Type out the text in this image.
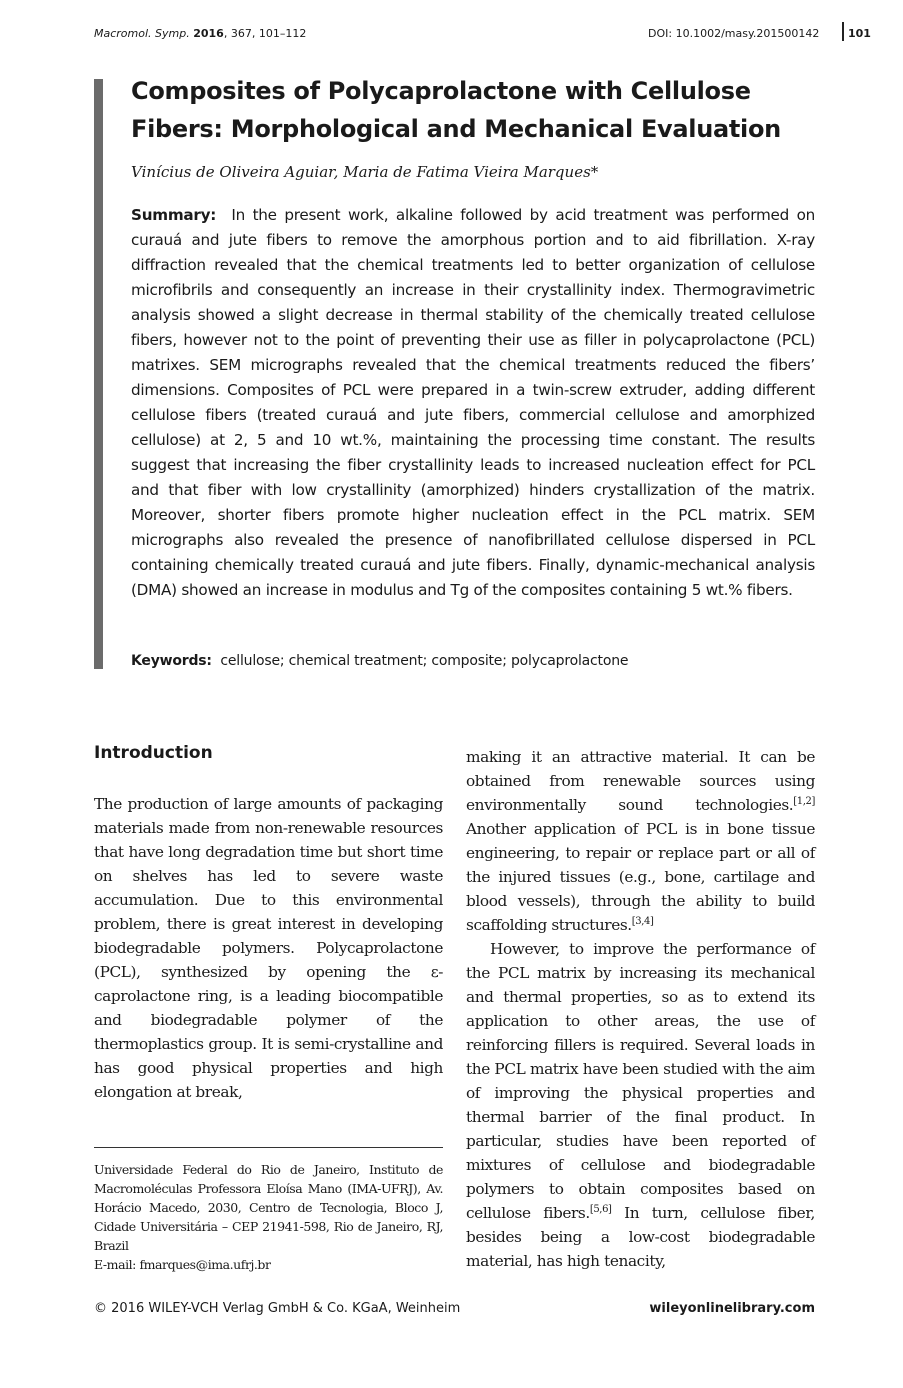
Macromol. Symp. 2016, 367, 101–112	DOI: 10.1002/masy.201500142	101
Composites of Polycaprolactone with Cellulose
Fibers: Morphological and Mechanical Evaluation
Vinícius de Oliveira Aguiar, Maria de Fatima Vieira Marques*
Summary: In the present work, alkaline followed by acid treatment was performed on curauá and jute fibers to remove the amorphous portion and to aid fibrillation. X-ray diffraction revealed that the chemical treatments led to better organization of cellulose microfibrils and consequently an increase in their crystallinity index. Thermogravimetric analysis showed a slight decrease in thermal stability of the chemically treated cellulose fibers, however not to the point of preventing their use as filler in polycaprolactone (PCL) matrixes. SEM micrographs revealed that the chemical treatments reduced the fibers’ dimensions. Composites of PCL were prepared in a twin-screw extruder, adding different cellulose fibers (treated curauá and jute fibers, commercial cellulose and amorphized cellulose) at 2, 5 and 10 wt.%, maintaining the processing time constant. The results suggest that increasing the fiber crystallinity leads to increased nucleation effect for PCL and that fiber with low crystallinity (amorphized) hinders crystallization of the matrix. Moreover, shorter fibers promote higher nucleation effect in the PCL matrix. SEM micrographs also revealed the presence of nanofibrillated cellulose dispersed in PCL containing chemically treated curauá and jute fibers. Finally, dynamic-mechanical analysis (DMA) showed an increase in modulus and Tg of the composites containing 5 wt.% fibers.
Keywords: cellulose; chemical treatment; composite; polycaprolactone
Introduction

The production of large amounts of packaging materials made from non-renewable resources that have long degradation time but short time on shelves has led to severe waste accumulation. Due to this environmental problem, there is great interest in developing biodegradable polymers. Polycaprolactone (PCL), synthesized by opening the ε-caprolactone ring, is a leading biocompatible and biodegradable polymer of the thermoplastics group. It is semi-crystalline and has good physical properties and high elongation at break,

making it an attractive material. It can be obtained from renewable sources using environmentally sound technologies.[1,2] Another application of PCL is in bone tissue engineering, to repair or replace part or all of the injured tissues (e.g., bone, cartilage and blood vessels), through the ability to build scaffolding structures.[3,4]

However, to improve the performance of the PCL matrix by increasing its mechanical and thermal properties, so as to extend its application to other areas, the use of reinforcing fillers is required. Several loads in the PCL matrix have been studied with the aim of improving the physical properties and thermal barrier of the final product. In particular, studies have been reported of mixtures of cellulose and biodegradable polymers to obtain composites based on cellulose fibers.[5,6] In turn, cellulose fiber, besides being a low-cost biodegradable material, has high tenacity,

Universidade Federal do Rio de Janeiro, Instituto de Macromoléculas Professora Eloísa Mano (IMA-UFRJ), Av. Horácio Macedo, 2030, Centro de Tecnologia, Bloco J, Cidade Universitária – CEP 21941-598, Rio de Janeiro, RJ, Brazil

E-mail: fmarques@ima.ufrj.br

© 2016 WILEY-VCH Verlag GmbH & Co. KGaA, Weinheim	wileyonlinelibrary.com
